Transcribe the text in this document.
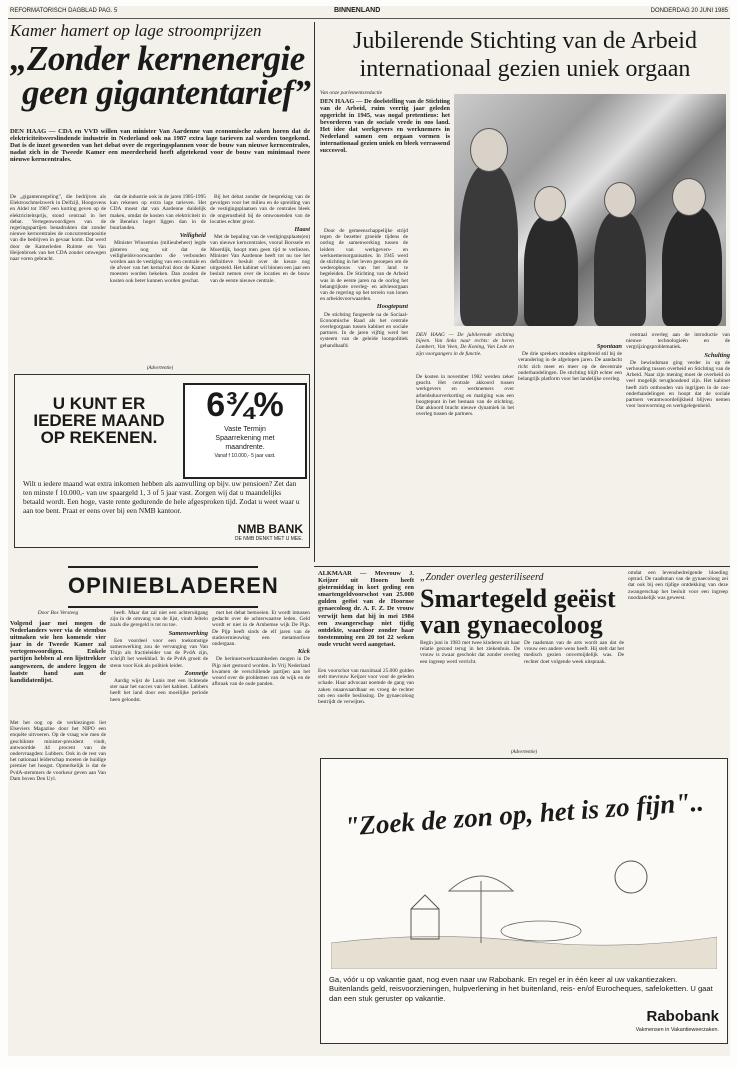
REFORMATORISCH DAGBLAD PAG. 5	BINNENLAND	DONDERDAG 20 JUNI 1985
Kamer hamert op lage stroomprijzen
„Zonder kernenergie
geen gigantentarief”
DEN HAAG — CDA en VVD willen van minister Van Aardenne van economische zaken horen dat de elektriciteitsverslindende industrie in Nederland ook na 1987 extra lage tarieven zal worden toegekend. Dat is de inzet geworden van het debat over de regeringsplannen voor de bouw van nieuwe kerncentrales, nadat zich in de Tweede Kamer een meerderheid heeft afgetekend voor de bouw van minimaal twee nieuwe kerncentrales.
De „gigantenregeling”, die bedrijven als Elektroschmelzwerk in Delfzijl, Hoogovens en Aldel tot 1987 een korting geven op de elektriciteitsprijs, stond centraal in het debat. Vertegenwoordigers van de regeringspartijen benadrukten dat zonder nieuwe kerncentrales de concurrentiepositie van die bedrijven in gevaar komt. Dat werd door de Kamerleden Ruimte en Van Heijenbroek van het CDA zonder omwegen naar voren gebracht.

dat de industrie ook in de jaren 1985-1995 kan rekenen op extra lage tarieven. Het CDA moest dat van Aardenne duidelijk maken, omdat de kosten van elektriciteit in de Benelux hoger liggen dan in de buurlanden.

Veiligheid

Minister Winsemius (milieubeheer) legde gisteren nog uit dat de veiligheidsvoorwaarden die verbonden worden aan de vestiging van een centrale en de afvoer van het kernafval door de Kamer moesten worden bekeken. Dan zouden de kosten ook beter kunnen worden geschat.

Bij het debat zonder de bespreking van de gevolgen voor het milieu en de spreiding van de vestigingsplaatsen van de centrales bleek de ongerustheid bij de omwonenden van de locaties echter groot.

Haast

Met de bepaling van de vestigingsplaats(en) van nieuwe kerncentrales, vooral Borssele en Moerdijk, hoopt men geen tijd te verliezen. Minister Van Aardenne heeft tot nu toe het definitieve besluit over de keuze nog uitgesteld. Het kabinet wil binnen een jaar een besluit nemen over de locaties en de bouw van de eerste nieuwe centrale.

Jubilerende Stichting van de Arbeid
internationaal gezien uniek orgaan
Van onze parlementsredactie
DEN HAAG — De doelstelling van de Stichting van de Arbeid, ruim veertig jaar geleden opgericht in 1945, was nogal pretentieus: het bevorderen van de sociale vrede in ons land. Het idee dat werkgevers en werknemers in Nederland samen een orgaan vormen is internationaal gezien uniek en bleek verrassend succesvol.

Door de gemeenschappelijke strijd tegen de bezetter groeide tijdens de oorlog de samenwerking tussen de leiders van werkgevers- en werknemersorganisaties. In 1945 werd de stichting in het leven geroepen om de wederopbouw van het land te begeleiden. De Stichting van de Arbeid was in de eerste jaren na de oorlog het belangrijkste overleg- en adviesorgaan van de regering op het terrein van lonen en arbeidsvoorwaarden.

Hoogtepunt

De stichting fungeerde na de Sociaal-Economische Raad als het centrale overlegorgaan tussen kabinet en sociale partners. In de jaren vijftig werd het systeem van de geleide loonpolitiek gehandhaafd.

DEN HAAG — De jubilerende stichting bijeen. Van links naar rechts: de heren Lambert, Van Veen, De Koning, Van Lede en zijn voorgangers in de functie.
De kosten in november 1982 werden zeker geacht. Het centrale akkoord tussen werkgevers en werknemers over arbeidsduurverkorting en matiging was een hoogtepunt in het bestaan van de stichting. Dat akkoord bracht nieuwe dynamiek in het overleg tussen de partners.
Spontaan

De drie sprekers stonden uitgebreid stil bij de verandering in de afgelopen jaren. De aandacht richt zich meer en meer op de decentrale onderhandelingen. De stichting blijft echter een belangrijk platform voor het landelijke overleg.

centraal overleg aan de introductie van nieuwe technologieën en de vergrijzingsproblematiek.

Schulting

De bewindsman ging verder in op de verhouding tussen overheid en Stichting van de Arbeid. Naar zijn mening moet de overheid zo veel mogelijk terughoudend zijn. Het kabinet heeft zich onthouden van ingrijpen in de cao-onderhandelingen en hoopt dat de sociale partners verantwoordelijkheid blijven nemen voor loonvorming en werkgelegenheid.

(Advertentie)
U KUNT ER
IEDERE MAAND
OP REKENEN.
6¾%
Vaste Termijn
Spaarrekening met
maandrente.
Vanaf f 10.000,- 5 jaar vast.
Wilt u iedere maand wat extra inkomen hebben als aanvulling op bijv. uw pensioen? Zet dan ten minste f 10.000,- van uw spaargeld 1, 3 of 5 jaar vast. Zorgen wij dat u maandelijks betaald wordt. Een hoge, vaste rente gedurende de hele afgesproken tijd. Zodat u weet waar u aan toe bent. Praat er eens over bij een NMB kantoor.
NMB BANK
DE NMB DENKT MET U MEE.
OPINIEBLADEREN
Door Bos Versteeg
Volgend jaar mei mogen de Nederlanders weer via de stembus uitmaken wie hen komende vier jaar in de Tweede Kamer zal vertegenwoordigen. Enkele partijen hebben al een lijsttrekker aangewezen, de andere leggen de laatste hand aan de kandidatenlijst.
Met het oog op de verkiezingen liet Elseviers Magazine door het NIPO een enquête uitvoeren. Op de vraag wie men de geschiktste minister-president vindt, antwoordde 44 procent van de ondervraagden: Lubbers. Ook in de rest van het nationaal leiderschap moeten de huidige premier het hoogst. Opmerkelijk is dat de PvdA-stemmers de voorkeur geven aan Van Dam boven Den Uyl.

heeft. Maar dat zal niet een achteruitgang zijn in de omvang van de lijst, vindt Jeltelo zoals die geregeld is tot nu toe.

Samenwerking

Een voordeel voor een toekomstige samenwerking zou de vervanging van Van Thijn als fractieleider van de PvdA zijn, schrijft het weekblad. In de PvdA groeit de steun voor Kok als politiek leider.

Zonnetje

Aardig wijst de Lunis met een lichtende ster naar het succes van het kabinet. Lubbers heeft het land door een moeilijke periode heen geloodst.

met het debat bemoeien. Er wordt intussen gedacht over de achterwaartse leden. Geld wordt er niet in de Arnhemse wijk De Pijp. De Pijp heeft sinds de elf jaren van de stadsvernieuwing een metamorfose ondergaan.

Kick

De herinnerwerkzaamheden mogen in De Pijp niet gestoord worden. In Vrij Nederland kwamen de verschillende partijen aan het woord over de problemen van de wijk en de afbraak van de oude panden.

ALKMAAR — Mevrouw J. Keijzer uit Hoorn heeft gistermiddag in kort geding een smartengeldvoorschot van 25.000 gulden geëist van de Hoornse gynaecoloog dr. A. F. Z. De vrouw verwijt hem dat hij in mei 1984 een zwangerschap niet tijdig ontdekte, waardoor zonder haar toestemming een 20 tot 22 weken oude vrucht werd aangetast.
Een voorschot van maximaal 25.000 gulden stelt mevrouw Keijzer voor voor de geleden schade. Haar advocaat noemde de gang van zaken onaanvaardbaar en vroeg de rechter om een snelle beslissing. De gynaecoloog bestrijdt de verwijten.
„Zonder overleg gesteriliseerd
Smartegeld geëist
van gynaecoloog
Begin juni in 1983 met twee kinderen uit haar relatie gezond terug in het ziekenhuis. De vrouw is zwaar geschokt dat zonder overleg een ingreep werd verricht.
De raadsman van de arts wordt aan dat de vrouw een andere wens heeft. Hij stelt dat het medisch gezien onvermijdelijk was. De rechter doet volgende week uitspraak.
omdat een levensbedreigende bloeding optrad. De raadsman van de gynaecoloog zei dat ook bij een tijdige ontdekking van deze zwangerschap het besluit voor een ingreep noodzakelijk was geweest.
(Advertentie)
"Zoek de zon op, het is zo fijn"..
Ga, vóór u op vakantie gaat, nog even naar uw Rabobank. En regel er in één keer al uw vakantiezaken. Buitenlands geld, reisvoorzieningen, hulpverlening in het buitenland, reis- en/of Eurocheques, safeloketten. U gaat dan een stuk geruster op vakantie.
Rabobank
Vakmensen in Vakantieweerzaken.
